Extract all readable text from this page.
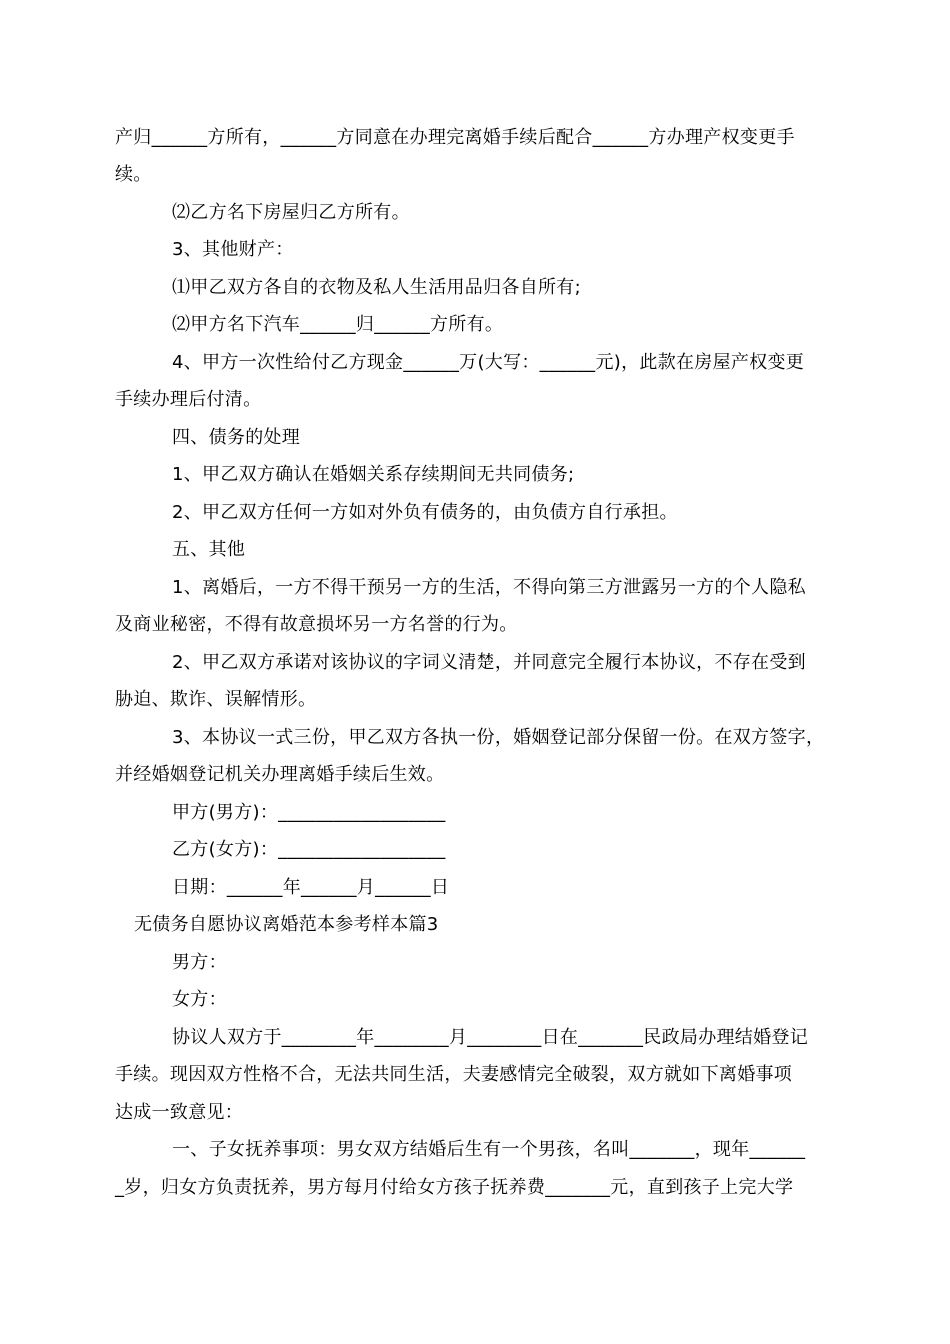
产归______方所有，______方同意在办理完离婚手续后配合______方办理产权变更手
续。
⑵乙方名下房屋归乙方所有。
3、其他财产：
⑴甲乙双方各自的衣物及私人生活用品归各自所有;
⑵甲方名下汽车______归______方所有。
4、甲方一次性给付乙方现金______万(大写：______元)，此款在房屋产权变更
手续办理后付清。
四、债务的处理
1、甲乙双方确认在婚姻关系存续期间无共同债务;
2、甲乙双方任何一方如对外负有债务的，由负债方自行承担。
五、其他
1、离婚后，一方不得干预另一方的生活，不得向第三方泄露另一方的个人隐私
及商业秘密，不得有故意损坏另一方名誉的行为。
2、甲乙双方承诺对该协议的字词义清楚，并同意完全履行本协议，不存在受到
胁迫、欺诈、误解情形。
3、本协议一式三份，甲乙双方各执一份，婚姻登记部分保留一份。在双方签字，
并经婚姻登记机关办理离婚手续后生效。
甲方(男方)：__________________
乙方(女方)：__________________
日期：______年______月______日
无债务自愿协议离婚范本参考样本篇3
男方：
女方：
协议人双方于________年________月________日在_______民政局办理结婚登记
手续。现因双方性格不合，无法共同生活，夫妻感情完全破裂，双方就如下离婚事项
达成一致意见：
一、子女抚养事项：男女双方结婚后生有一个男孩，名叫_______，现年______
_岁，归女方负责抚养，男方每月付给女方孩子抚养费_______元，直到孩子上完大学
